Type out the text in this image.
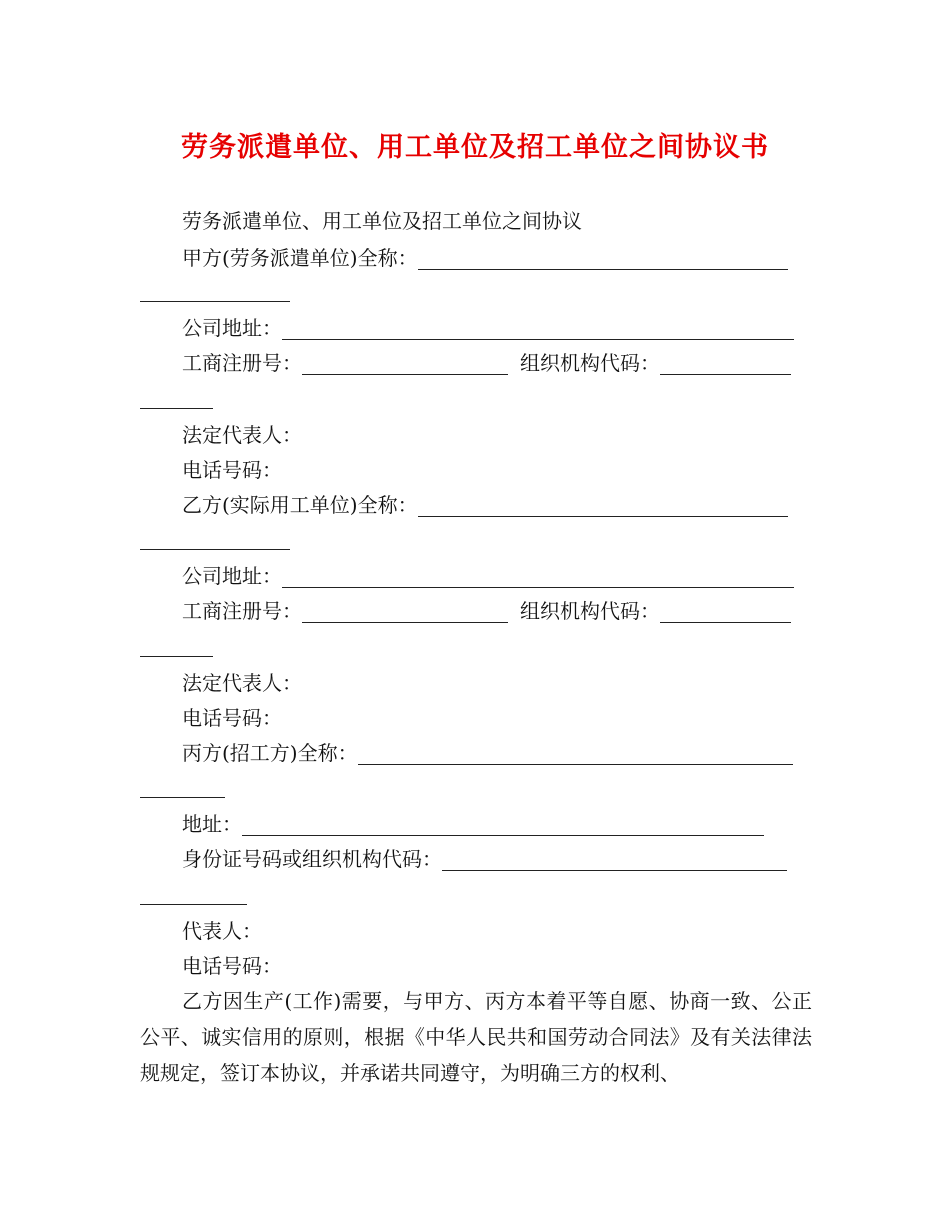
劳务派遣单位、用工单位及招工单位之间协议书
劳务派遣单位、用工单位及招工单位之间协议
甲方(劳务派遣单位)全称：
公司地址：
工商注册号：	组织机构代码：
法定代表人：
电话号码：
乙方(实际用工单位)全称：
公司地址：
工商注册号：	组织机构代码：
法定代表人：
电话号码：
丙方(招工方)全称：
地址：
身份证号码或组织机构代码：
代表人：
电话号码：
乙方因生产(工作)需要，与甲方、丙方本着平等自愿、协商一致、公正公平、诚实信用的原则，根据《中华人民共和国劳动合同法》及有关法律法规规定，签订本协议，并承诺共同遵守，为明确三方的权利、
